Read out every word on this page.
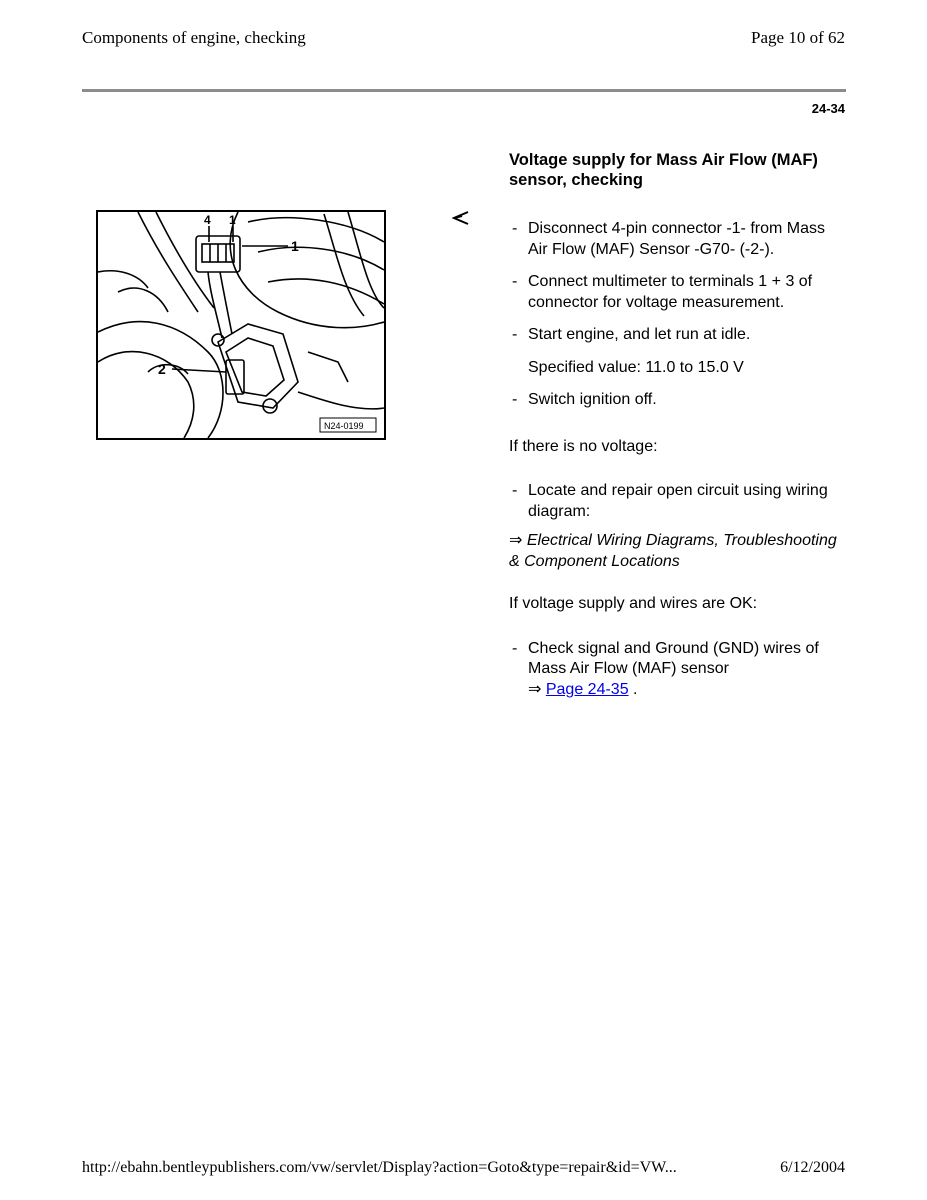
Components of engine, checking	Page 10 of 62
24-34
Voltage supply for Mass Air Flow (MAF) sensor, checking
4 1
1
2
N24-0199
- Disconnect 4-pin connector -1- from Mass Air Flow (MAF) Sensor -G70- (-2-).
- Connect multimeter to terminals 1 + 3 of connector for voltage measurement.
- Start engine, and let run at idle.
Specified value: 11.0 to 15.0 V
- Switch ignition off.
If there is no voltage:
- Locate and repair open circuit using wiring diagram:
⇒ Electrical Wiring Diagrams, Troubleshooting & Component Locations
If voltage supply and wires are OK:
- Check signal and Ground (GND) wires of Mass Air Flow (MAF) sensor
⇒ Page 24-35 .
http://ebahn.bentleypublishers.com/vw/servlet/Display?action=Goto&type=repair&id=VW...	6/12/2004
